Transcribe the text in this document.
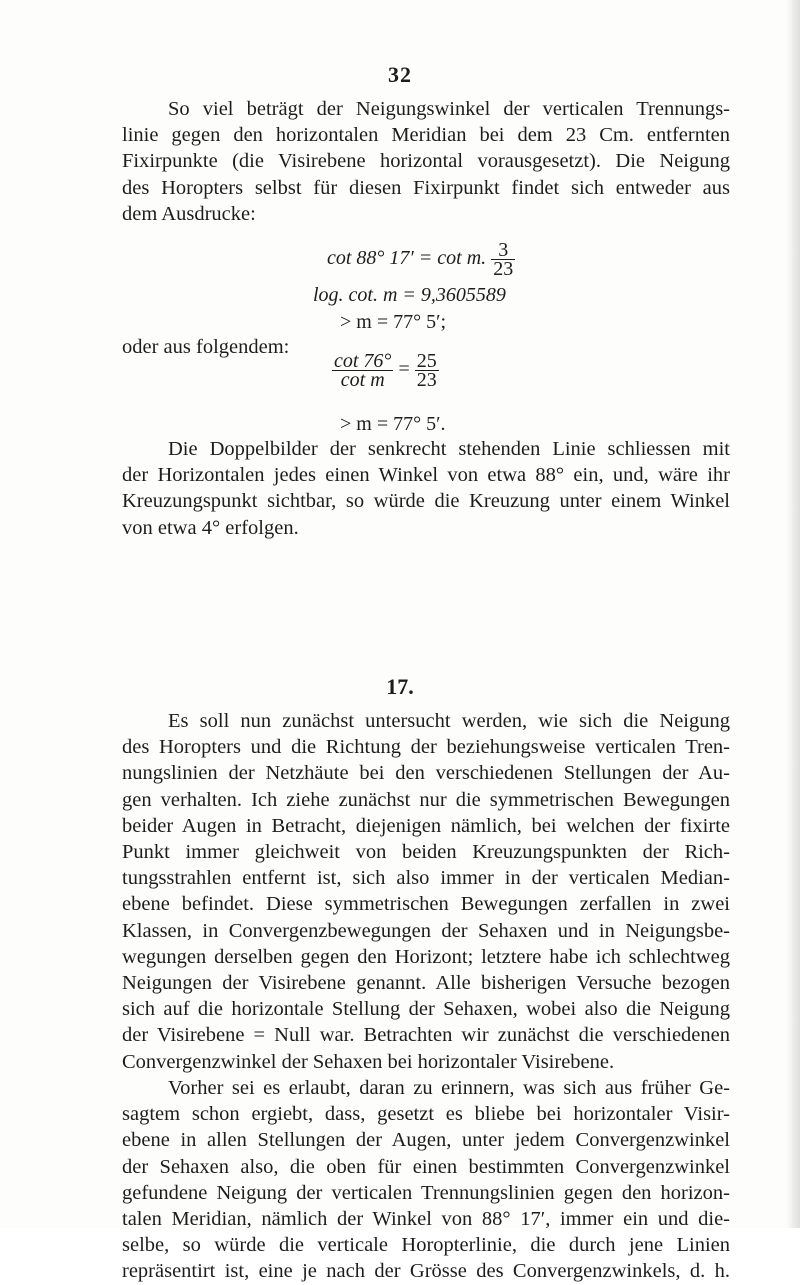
32
So viel beträgt der Neigungswinkel der verticalen Trennungs-
linie gegen den horizontalen Meridian bei dem 23 Cm. entfernten
Fixirpunkte (die Visirebene horizontal vorausgesetzt). Die Neigung
des Horopters selbst für diesen Fixirpunkt findet sich entweder aus
dem Ausdrucke:
cot 88° 17′ = cot m. $\frac{3}{23}$
log. cot. m = 9,3605589
> m = 77° 5′;
oder aus folgendem:
$\frac{\cot 76^\circ}{\text{cot m}} = \frac{25}{23}$
> m = 77° 5′.
Die Doppelbilder der senkrecht stehenden Linie schliessen mit
der Horizontalen jedes einen Winkel von etwa 88° ein, und, wäre ihr
Kreuzungspunkt sichtbar, so würde die Kreuzung unter einem Winkel
von etwa 4° erfolgen.
17.
Es soll nun zunächst untersucht werden, wie sich die Neigung
des Horopters und die Richtung der beziehungsweise verticalen Tren-
nungslinien der Netzhäute bei den verschiedenen Stellungen der Au-
gen verhalten. Ich ziehe zunächst nur die symmetrischen Bewegungen
beider Augen in Betracht, diejenigen nämlich, bei welchen der fixirte
Punkt immer gleichweit von beiden Kreuzungspunkten der Rich-
tungsstrahlen entfernt ist, sich also immer in der verticalen Median-
ebene befindet. Diese symmetrischen Bewegungen zerfallen in zwei
Klassen, in Convergenzbewegungen der Sehaxen und in Neigungsbe-
wegungen derselben gegen den Horizont; letztere habe ich schlechtweg
Neigungen der Visirebene genannt. Alle bisherigen Versuche bezogen
sich auf die horizontale Stellung der Sehaxen, wobei also die Neigung
der Visirebene = Null war. Betrachten wir zunächst die verschiedenen
Convergenzwinkel der Sehaxen bei horizontaler Visirebene.
Vorher sei es erlaubt, daran zu erinnern, was sich aus früher Ge-
sagtem schon ergiebt, dass, gesetzt es bliebe bei horizontaler Visir-
ebene in allen Stellungen der Augen, unter jedem Convergenzwinkel
der Sehaxen also, die oben für einen bestimmten Convergenzwinkel
gefundene Neigung der verticalen Trennungslinien gegen den horizon-
talen Meridian, nämlich der Winkel von 88° 17′, immer ein und die-
selbe, so würde die verticale Horopterlinie, die durch jene Linien
repräsentirt ist, eine je nach der Grösse des Convergenzwinkels, d. h.
